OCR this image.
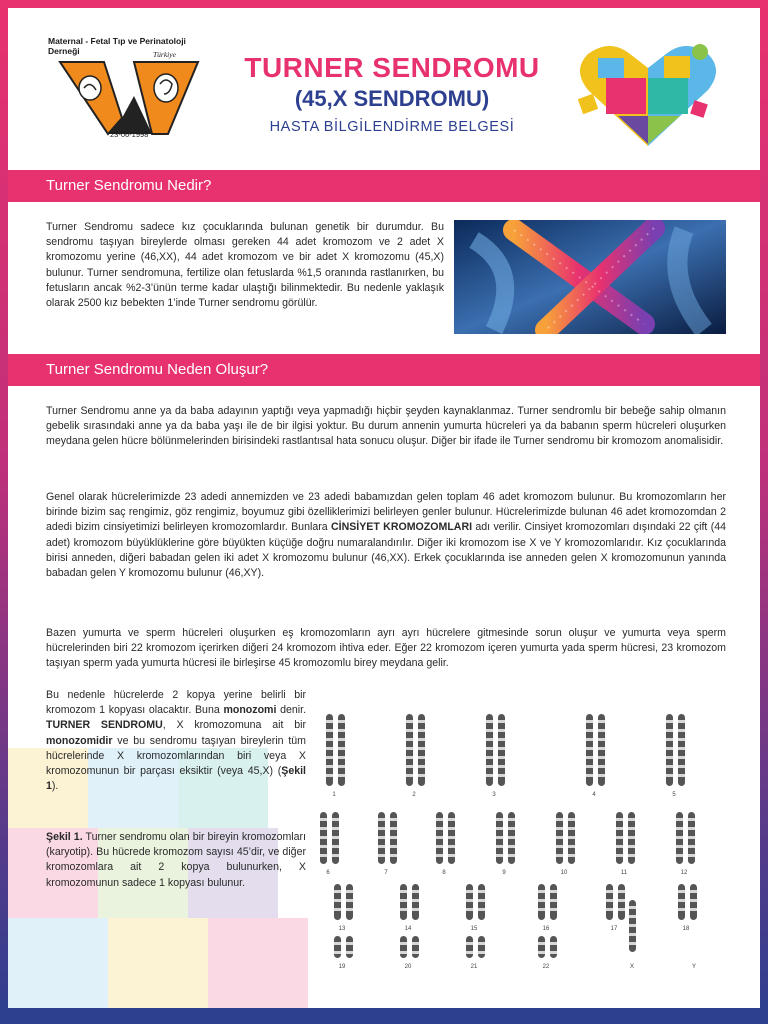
Maternal - Fetal Tıp ve Perinatoloji Derneği	Türkiye
23-06-1998
TURNER SENDROMU
(45,X SENDROMU)
HASTA BİLGİLENDİRME BELGESİ
Turner Sendromu Nedir?
Turner Sendromu sadece kız çocuklarında bulunan genetik bir durumdur. Bu sendromu taşıyan bireylerde olması gereken 44 adet kromozom ve 2 adet X kromozomu yerine (46,XX), 44 adet kromozom ve bir adet X kromozomu (45,X) bulunur. Turner sendromuna, fertilize olan fetuslarda %1,5 oranında rastlanırken, bu fetusların ancak %2-3’ünün terme kadar ulaştığı bilinmektedir. Bu nedenle yaklaşık olarak 2500 kız bebekten 1’inde Turner sendromu görülür.
Turner Sendromu Neden Oluşur?
Turner Sendromu anne ya da baba adayının yaptığı veya yapmadığı hiçbir şeyden kaynaklanmaz. Turner sendromlu bir bebeğe sahip olmanın gebelik sırasındaki anne ya da baba yaşı ile de bir ilgisi yoktur. Bu durum annenin yumurta hücreleri ya da babanın sperm hücreleri oluşurken meydana gelen hücre bölünmelerinden birisindeki rastlantısal hata sonucu oluşur. Diğer bir ifade ile Turner sendromu bir kromozom anomalisidir.
Genel olarak hücrelerimizde 23 adedi annemizden ve 23 adedi babamızdan gelen toplam 46 adet kromozom bulunur. Bu kromozomların her birinde bizim saç rengimiz, göz rengimiz, boyumuz gibi özelliklerimizi belirleyen genler bulunur. Hücrelerimizde bulunan 46 adet kromozomdan 2 adedi bizim cinsiyetimizi belirleyen kromozomlardır. Bunlara CİNSİYET KROMOZOMLARI adı verilir. Cinsiyet kromozomları dışındaki 22 çift (44 adet) kromozom büyüklüklerine göre büyükten küçüğe doğru numaralandırılır. Diğer iki kromozom ise X ve Y kromozomlarıdır. Kız çocuklarında birisi anneden, diğeri babadan gelen iki adet X kromozomu bulunur (46,XX). Erkek çocuklarında ise anneden gelen X kromozomunun yanında babadan gelen Y kromozomu bulunur (46,XY).
Bazen yumurta ve sperm hücreleri oluşurken eş kromozomların ayrı ayrı hücrelere gitmesinde sorun oluşur ve yumurta veya sperm hücrelerinden biri 22 kromozom içerirken diğeri 24 kromozom ihtiva eder. Eğer 22 kromozom içeren yumurta yada sperm hücresi, 23 kromozom taşıyan sperm yada yumurta hücresi ile birleşirse 45 kromozomlu birey meydana gelir.
Bu nedenle hücrelerde 2 kopya yerine belirli bir kromozom 1 kopyası olacaktır. Buna monozomi denir. TURNER SENDROMU, X kromozomuna ait bir monozomidir ve bu sendromu taşıyan bireylerin tüm hücrelerinde X kromozomlarından biri veya X kromozomunun bir parçası eksiktir (veya 45,X) (Şekil 1).
Şekil 1. Turner sendromu olan bir bireyin kromozomları (karyotip). Bu hücrede kromozom sayısı 45’dir, ve diğer kromozomlara ait 2 kopya bulunurken, X kromozomunun sadece 1 kopyası bulunur.
1	2	3	4	5
6	7	8	9	10	11	12
13	14	15	16	17	18
19	20	21	22	X	Y
